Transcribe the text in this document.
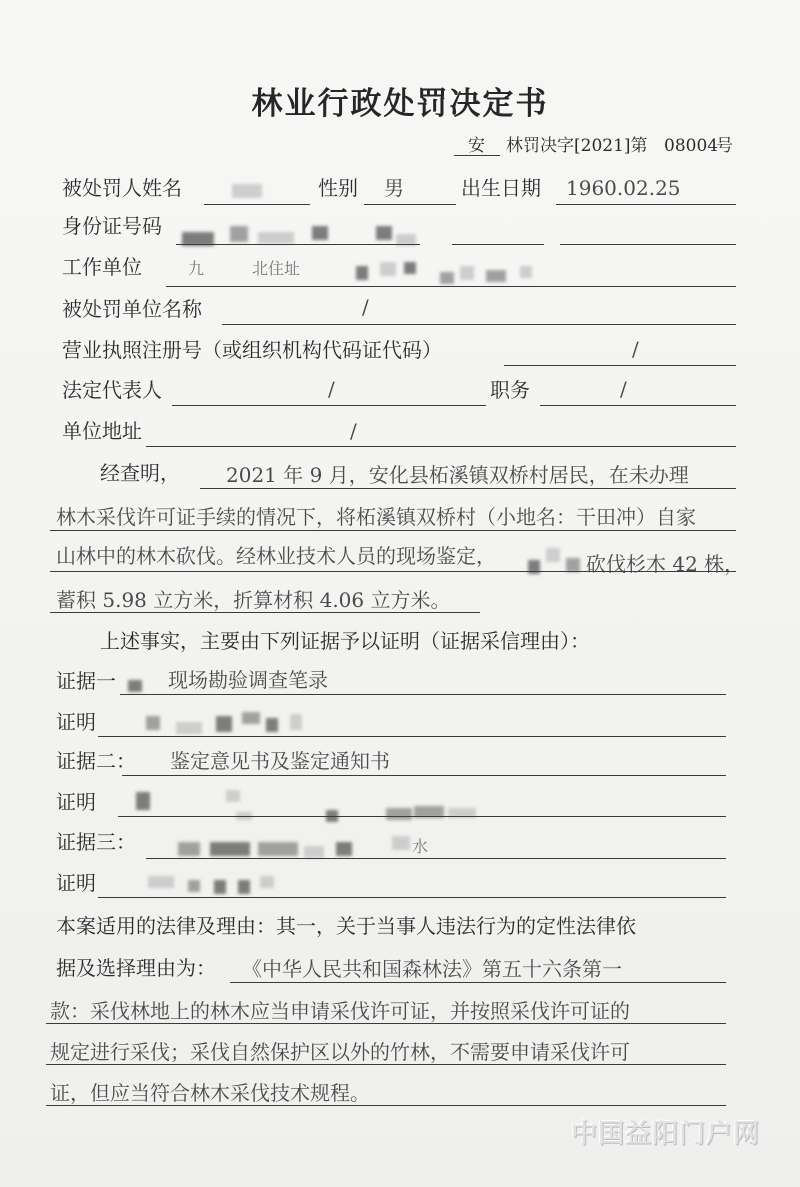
林业行政处罚决定书
安 林罚决字[2021]第 08004
号
被处罚人姓名	性别 男	出生日期 1960.02.25
身份证号码
工作单位	九	北住址
被处罚单位名称	/
营业执照注册号（或组织机构代码证代码）	/
法定代表人	/	职务	/
单位地址	/
经查明， 2021 年 9 月，安化县柘溪镇双桥村居民，在未办理
林木采伐许可证手续的情况下，将柘溪镇双桥村（小地名：干田冲）自家
山林中的林木砍伐。经林业技术人员的现场鉴定，	砍伐杉木 42 株，
蓄积 5.98 立方米，折算材积 4.06 立方米。
上述事实，主要由下列证据予以证明（证据采信理由）：
证据一	现场勘验调查笔录
证明
证据二： 鉴定意见书及鉴定通知书
证明
证据三：	水
证明
本案适用的法律及理由：其一，关于当事人违法行为的定性法律依
据及选择理由为： 《中华人民共和国森林法》第五十六条第一
款：采伐林地上的林木应当申请采伐许可证，并按照采伐许可证的
规定进行采伐；采伐自然保护区以外的竹林，不需要申请采伐许可
证，但应当符合林木采伐技术规程。
中国益阳门户网
